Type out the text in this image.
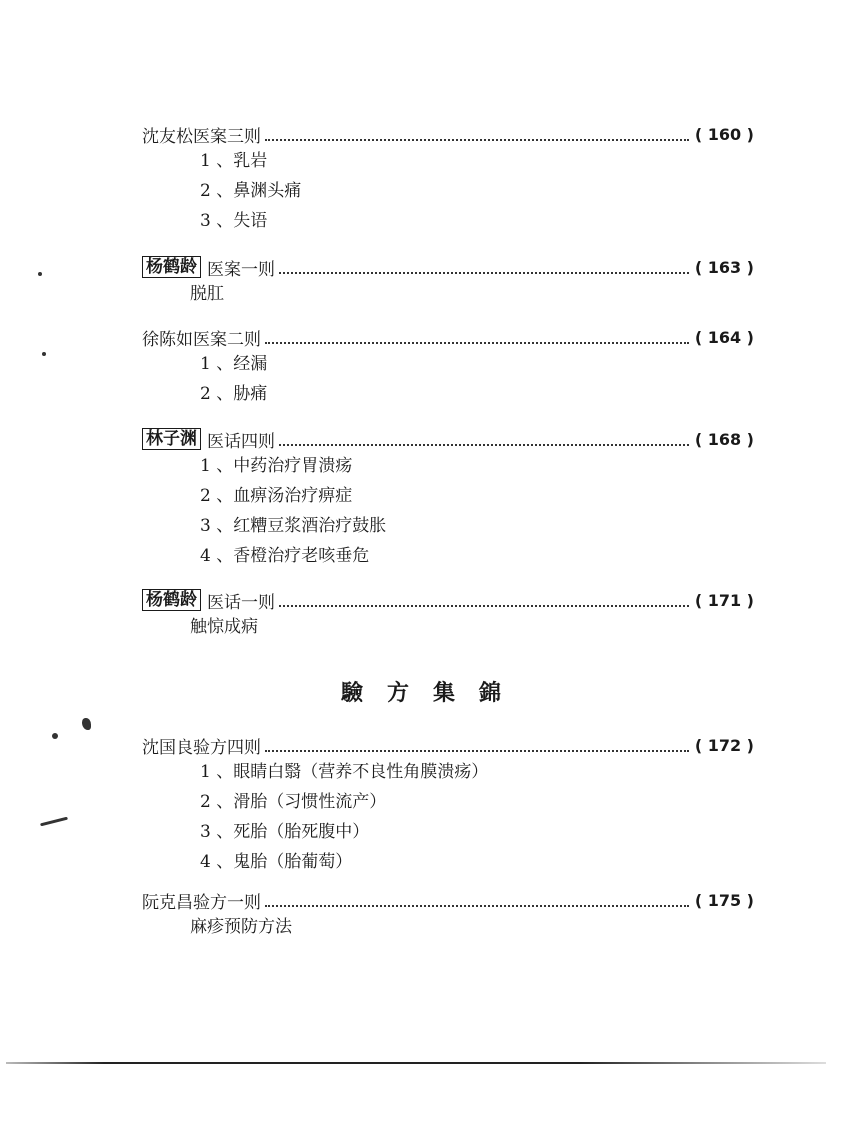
沈友松医案三则	( 160 )
1 、乳岩
2 、鼻渊头痛
3 、失语
杨鹤龄 医案一则	( 163 )
脱肛
徐陈如医案二则	( 164 )
1 、经漏
2 、胁痛
林子渊 医话四则	( 168 )
1 、中药治疗胃溃疡
2 、血痹汤治疗痹症
3 、红糟豆浆酒治疗鼓胀
4 、香橙治疗老咳垂危
杨鹤龄 医话一则	( 171 )
触惊成病
驗方集錦
沈国良验方四则	( 172 )
1 、眼睛白翳（营养不良性角膜溃疡）
2 、滑胎（习惯性流产）
3 、死胎（胎死腹中）
4 、鬼胎（胎葡萄）
阮克昌验方一则	( 175 )
麻疹预防方法
